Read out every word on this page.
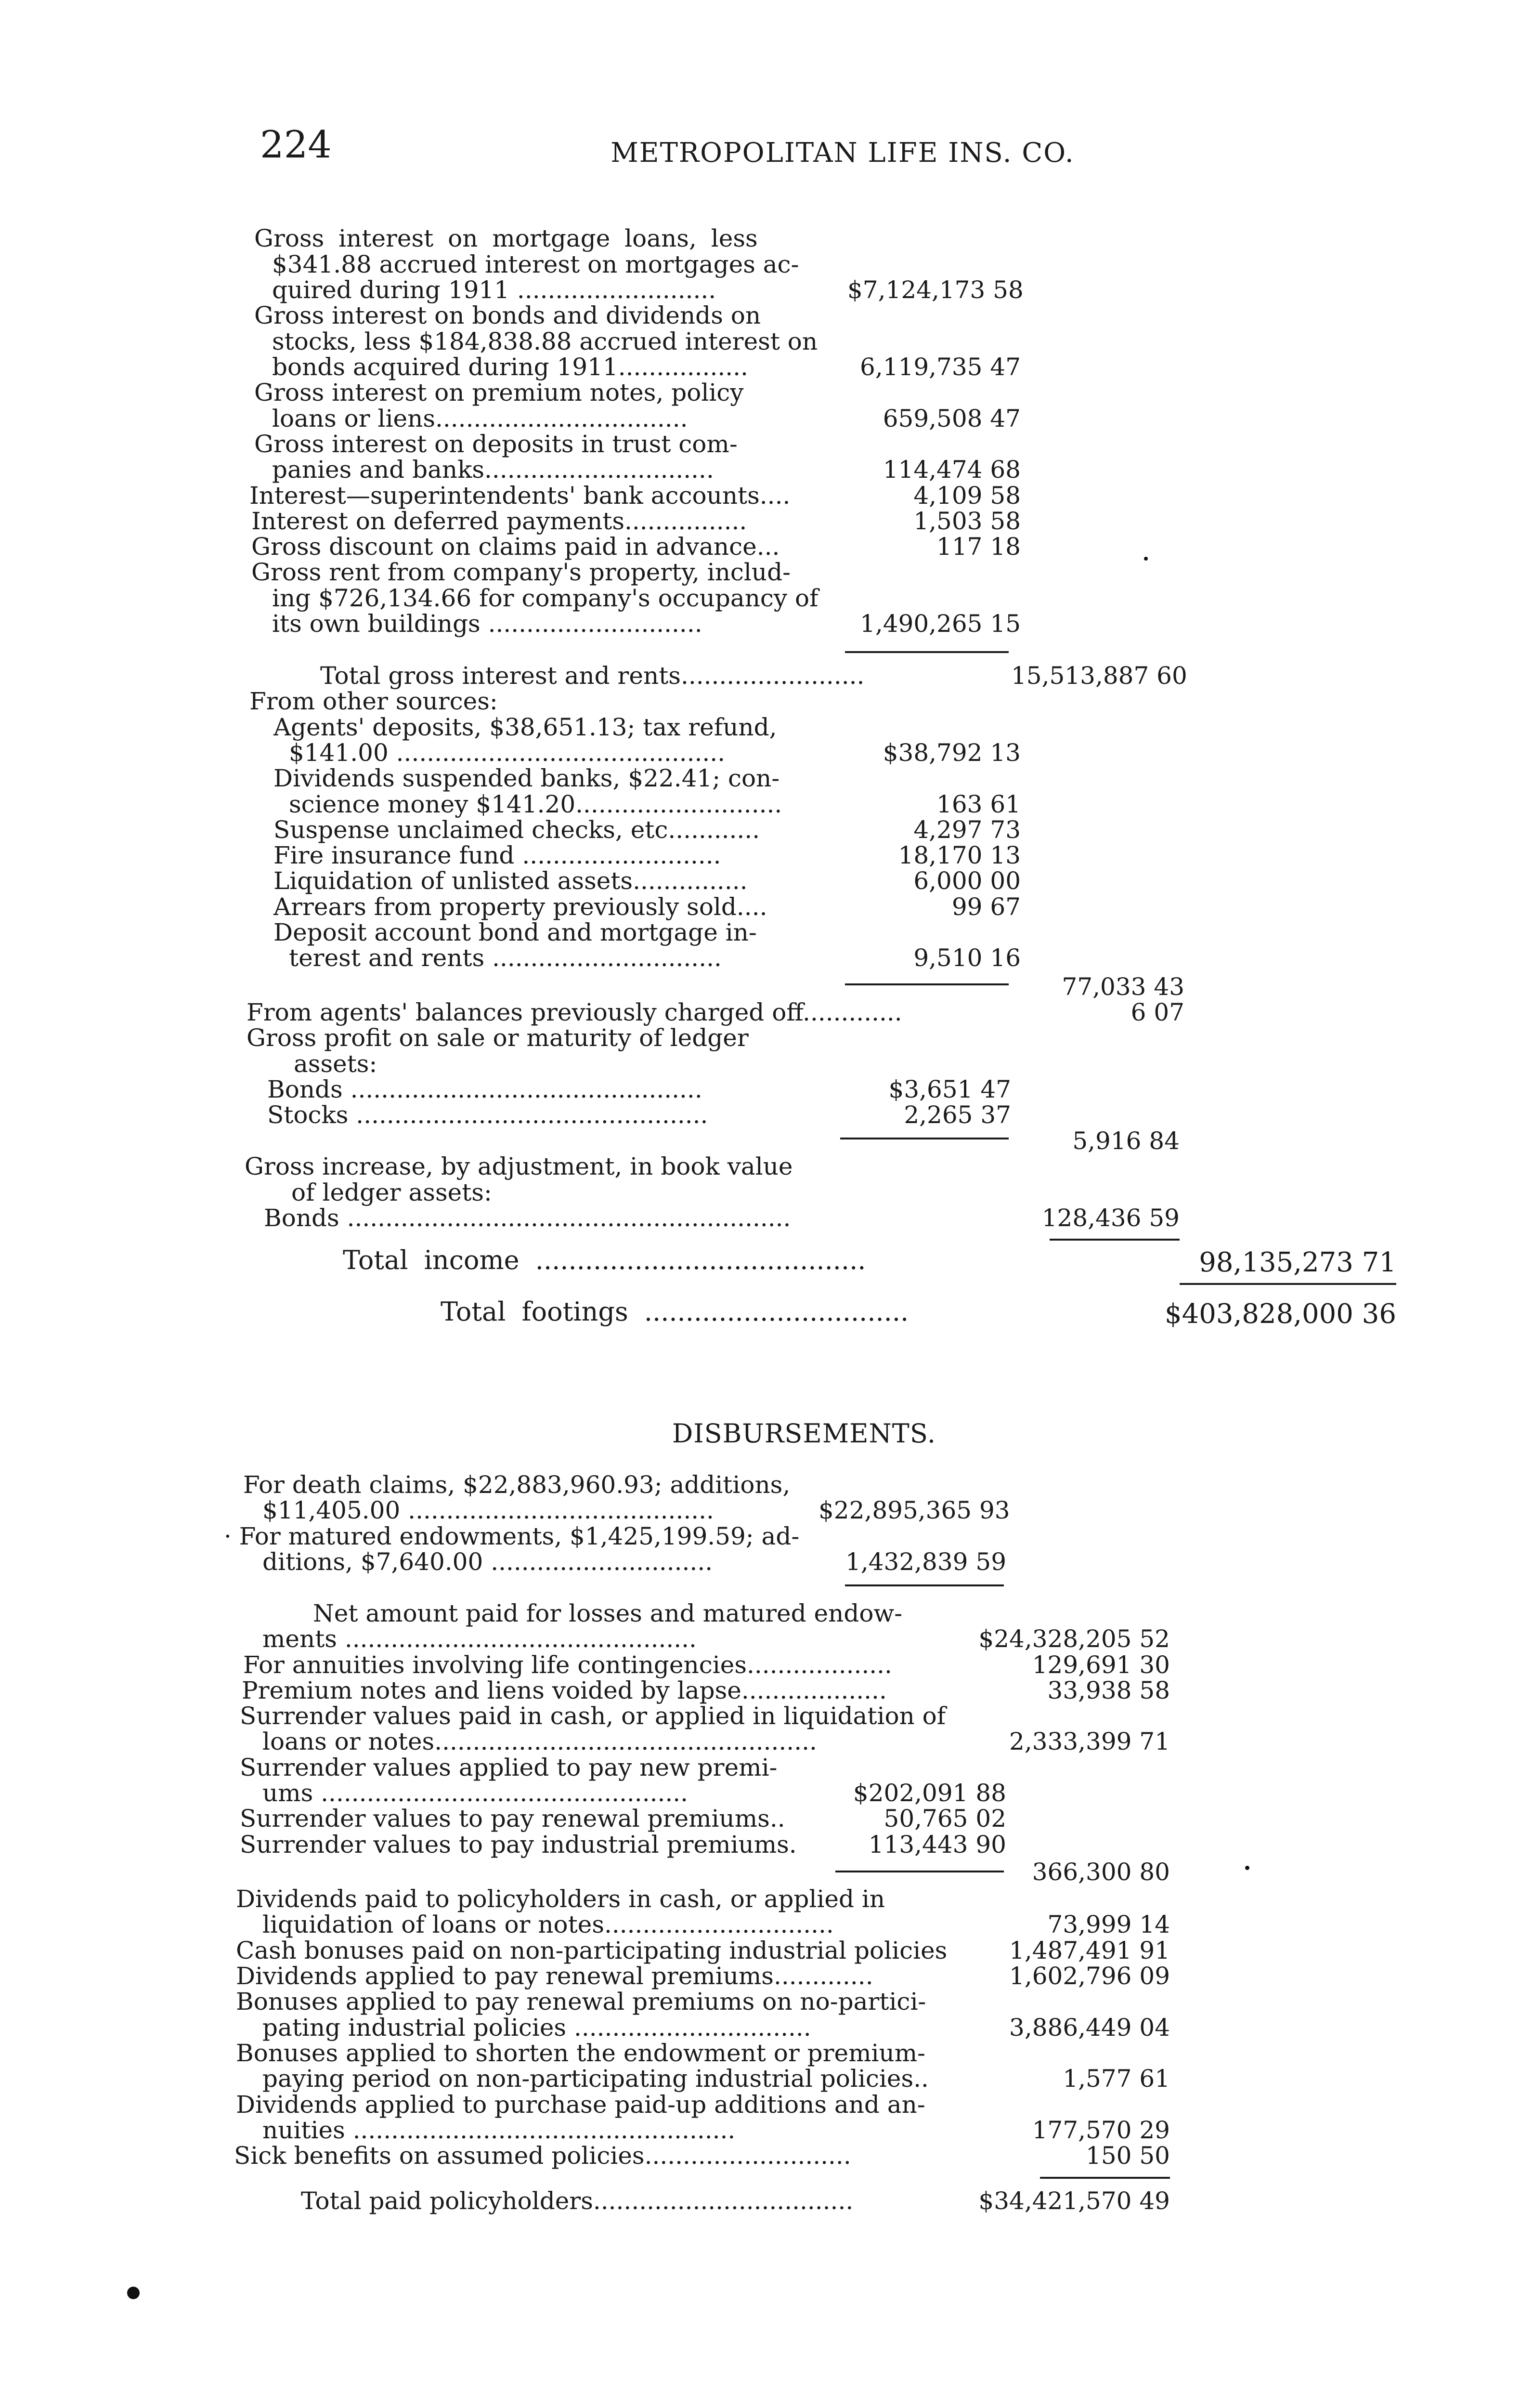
224	METROPOLITAN LIFE INS. CO.
Gross interest on mortgage loans, less
$341.88 accrued interest on mortgages ac-
quired during 1911 ..........................	$7,124,173 58
Gross interest on bonds and dividends on
stocks, less $184,838.88 accrued interest on
bonds acquired during 1911.................	6,119,735 47
Gross interest on premium notes, policy
loans or liens.................................	659,508 47
Gross interest on deposits in trust com-
panies and banks..............................	114,474 68
Interest—superintendents' bank accounts....	4,109 58
Interest on deferred payments................	1,503 58
Gross discount on claims paid in advance...	117 18
Gross rent from company's property, includ-
ing $726,134.66 for company's occupancy of
its own buildings ............................	1,490,265 15
Total gross interest and rents........................	15,513,887 60
From other sources:
Agents' deposits, $38,651.13; tax refund,
$141.00 ...........................................	$38,792 13
Dividends suspended banks, $22.41; con-
science money $141.20...........................	163 61
Suspense unclaimed checks, etc............	4,297 73
Fire insurance fund ..........................	18,170 13
Liquidation of unlisted assets...............	6,000 00
Arrears from property previously sold....	99 67
Deposit account bond and mortgage in-
terest and rents ..............................	9,510 16
77,033 43
From agents' balances previously charged off.............	6 07
Gross profit on sale or maturity of ledger
assets:
Bonds ..............................................	$3,651 47
Stocks ..............................................	2,265 37
5,916 84
Gross increase, by adjustment, in book value
of ledger assets:
Bonds ..........................................................	128,436 59
Total income ........................................	98,135,273 71
Total footings ................................	$403,828,000 36
DISBURSEMENTS.
For death claims, $22,883,960.93; additions,
$11,405.00 ........................................	$22,895,365 93
· For matured endowments, $1,425,199.59; ad-
ditions, $7,640.00 .............................	1,432,839 59
Net amount paid for losses and matured endow-
ments ..............................................	$24,328,205 52
For annuities involving life contingencies...................	129,691 30
Premium notes and liens voided by lapse...................	33,938 58
Surrender values paid in cash, or applied in liquidation of
loans or notes..................................................	2,333,399 71
Surrender values applied to pay new premi-
ums ................................................	$202,091 88
Surrender values to pay renewal premiums..	50,765 02
Surrender values to pay industrial premiums.	113,443 90
366,300 80
Dividends paid to policyholders in cash, or applied in
liquidation of loans or notes..............................	73,999 14
Cash bonuses paid on non-participating industrial policies	1,487,491 91
Dividends applied to pay renewal premiums.............	1,602,796 09
Bonuses applied to pay renewal premiums on no-partici-
pating industrial policies ...............................	3,886,449 04
Bonuses applied to shorten the endowment or premium-
paying period on non-participating industrial policies..	1,577 61
Dividends applied to purchase paid-up additions and an-
nuities ..................................................	177,570 29
Sick benefits on assumed policies...........................	150 50
Total paid policyholders..................................	$34,421,570 49
